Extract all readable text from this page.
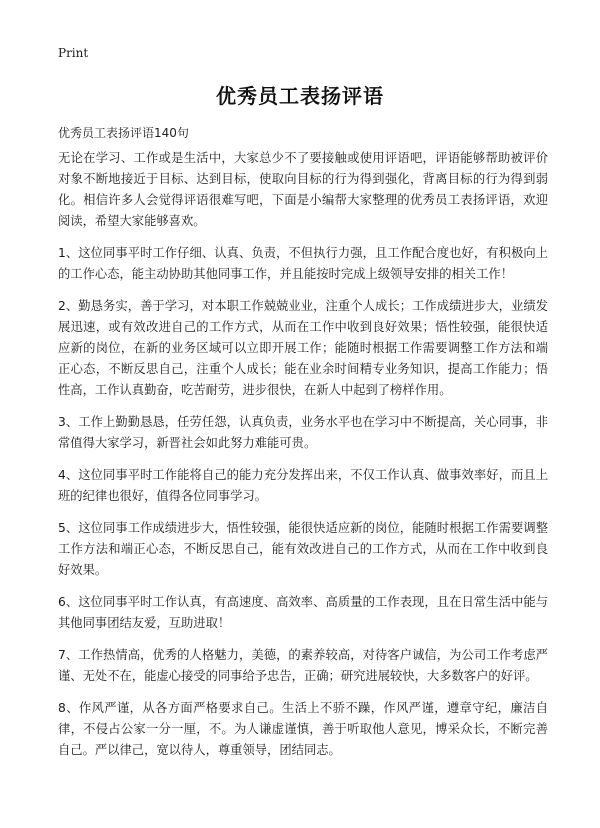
Print
优秀员工表扬评语
优秀员工表扬评语140句

无论在学习、工作或是生活中，大家总少不了要接触或使用评语吧，评语能够帮助被评价对象不断地接近于目标、达到目标，使取向目标的行为得到强化，背离目标的行为得到弱化。相信许多人会觉得评语很难写吧，下面是小编帮大家整理的优秀员工表扬评语，欢迎阅读，希望大家能够喜欢。

1、这位同事平时工作仔细、认真、负责，不但执行力强，且工作配合度也好，有积极向上的工作心态，能主动协助其他同事工作，并且能按时完成上级领导安排的相关工作！

2、勤恳务实，善于学习，对本职工作兢兢业业，注重个人成长；工作成绩进步大，业绩发展迅速，或有效改进自己的工作方式，从而在工作中收到良好效果；悟性较强，能很快适应新的岗位，在新的业务区域可以立即开展工作；能随时根据工作需要调整工作方法和端正心态，不断反思自己，注重个人成长；能在业余时间精专业务知识，提高工作能力；悟性高，工作认真勤奋，吃苦耐劳，进步很快，在新人中起到了榜样作用。

3、工作上勤勤恳恳，任劳任怨，认真负责，业务水平也在学习中不断提高，关心同事，非常值得大家学习，新晋社会如此努力难能可贵。

4、这位同事平时工作能将自己的能力充分发挥出来，不仅工作认真、做事效率好，而且上班的纪律也很好，值得各位同事学习。

5、这位同事工作成绩进步大，悟性较强，能很快适应新的岗位，能随时根据工作需要调整工作方法和端正心态，不断反思自己，能有效改进自己的工作方式，从而在工作中收到良好效果。

6、这位同事平时工作认真，有高速度、高效率、高质量的工作表现，且在日常生活中能与其他同事团结友爱，互助进取！

7、工作热情高，优秀的人格魅力，美德，的素养较高，对待客户诚信，为公司工作考虑严谨、无处不在，能虚心接受的同事给予忠告，正确；研究进展较快，大多数客户的好评。

8、作风严谨，从各方面严格要求自己。生活上不骄不躁，作风严谨，遵章守纪，廉洁自律，不侵占公家一分一厘，不。为人谦虚谨慎，善于听取他人意见，博采众长，不断完善自己。严以律己，宽以待人，尊重领导，团结同志。
